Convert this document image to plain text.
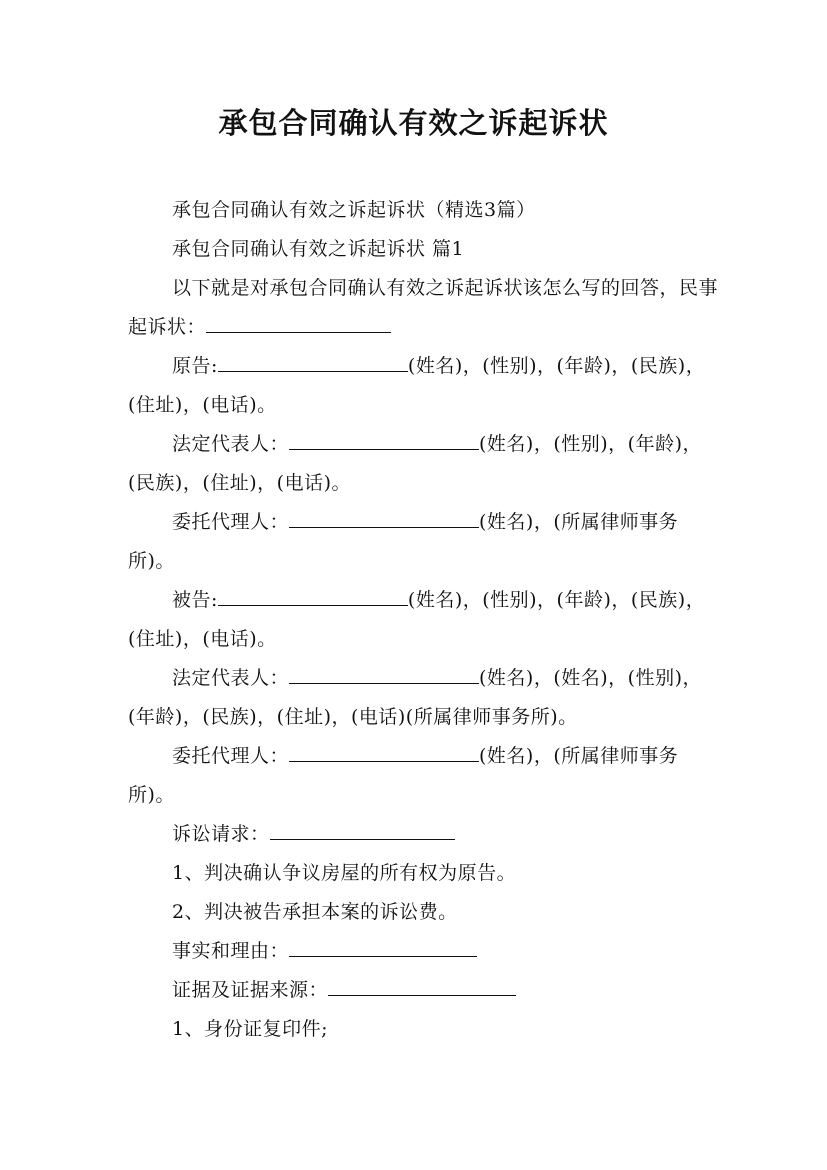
承包合同确认有效之诉起诉状

承包合同确认有效之诉起诉状（精选3篇）

承包合同确认有效之诉起诉状 篇1

以下就是对承包合同确认有效之诉起诉状该怎么写的回答，民事起诉状：

原告:	(姓名)，(性别)，(年龄)，(民族)，(住址)，(电话)。

法定代表人：	(姓名)，(性别)，(年龄)，(民族)，(住址)，(电话)。

委托代理人：	(姓名)，(所属律师事务所)。

被告:	(姓名)，(性别)，(年龄)，(民族)，(住址)，(电话)。

法定代表人：	(姓名)，(姓名)，(性别)，(年龄)，(民族)，(住址)，(电话)(所属律师事务所)。

委托代理人：	(姓名)，(所属律师事务所)。

诉讼请求：

1、判决确认争议房屋的所有权为原告。

2、判决被告承担本案的诉讼费。

事实和理由：

证据及证据来源：

1、身份证复印件;
